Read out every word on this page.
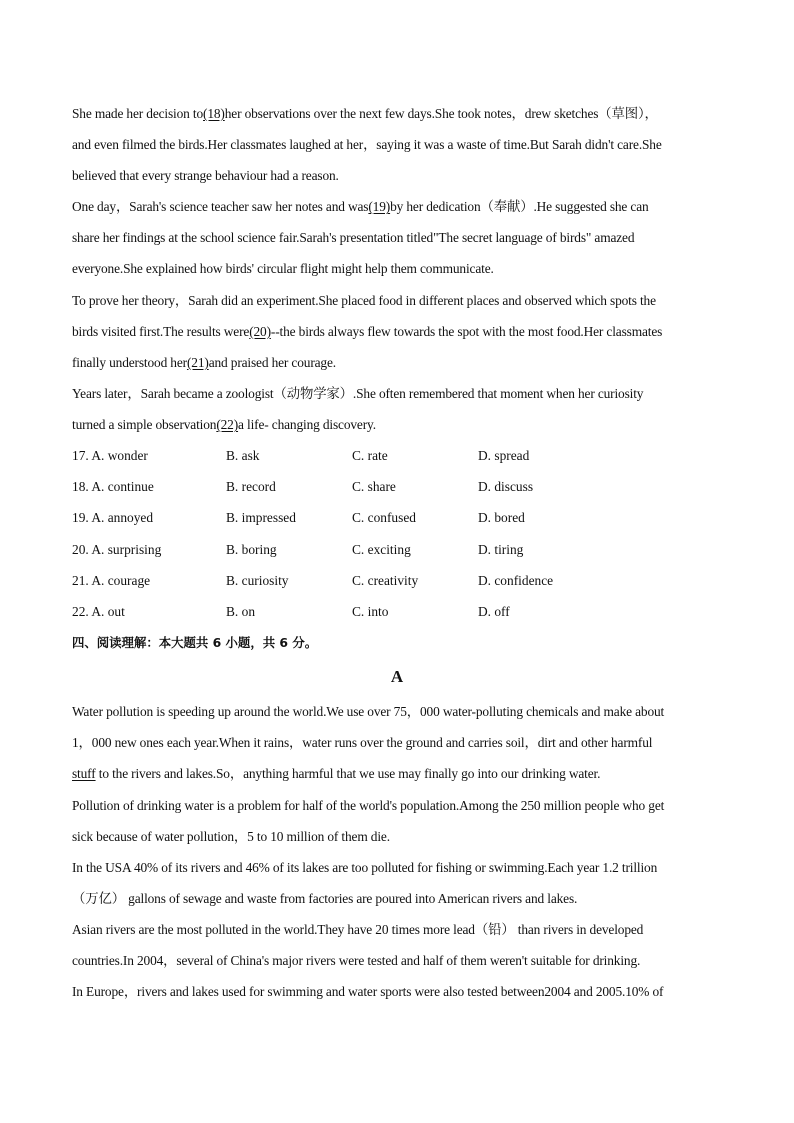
She made her decision to(18)her observations over the next few days.She took notes，drew sketches（草图），
and even filmed the birds.Her classmates laughed at her，saying it was a waste of time.But Sarah didn't care.She
believed that every strange behaviour had a reason.
One day，Sarah's science teacher saw her notes and was(19)by her dedication（奉献）.He suggested she can
share her findings at the school science fair.Sarah's presentation titled"The secret language of birds" amazed
everyone.She explained how birds' circular flight might help them communicate.
To prove her theory，Sarah did an experiment.She placed food in different places and observed which spots the
birds visited first.The results were(20)--the birds always flew towards the spot with the most food.Her classmates
finally understood her(21)and praised her courage.
Years later，Sarah became a zoologist（动物学家）.She often remembered that moment when her curiosity
turned a simple observation(22)a life- changing discovery.
17. A. wonder	B. ask	C. rate	D. spread
18. A. continue	B. record	C. share	D. discuss
19. A. annoyed	B. impressed	C. confused	D. bored
20. A. surprising	B. boring	C. exciting	D. tiring
21. A. courage	B. curiosity	C. creativity	D. confidence
22. A. out	B. on	C. into	D. off
四、阅读理解：本大题共 6 小题，共 6 分。
A
Water pollution is speeding up around the world.We use over 75，000 water-polluting chemicals and make about
1，000 new ones each year.When it rains，water runs over the ground and carries soil，dirt and other harmful
stuff to the rivers and lakes.So，anything harmful that we use may finally go into our drinking water.
Pollution of drinking water is a problem for half of the world's population.Among the 250 million people who get
sick because of water pollution，5 to 10 million of them die.
In the USA 40% of its rivers and 46% of its lakes are too polluted for fishing or swimming.Each year 1.2 trillion
（万亿） gallons of sewage and waste from factories are poured into American rivers and lakes.
Asian rivers are the most polluted in the world.They have 20 times more lead（铅） than rivers in developed
countries.In 2004，several of China's major rivers were tested and half of them weren't suitable for drinking.
In Europe，rivers and lakes used for swimming and water sports were also tested between2004 and 2005.10% of
